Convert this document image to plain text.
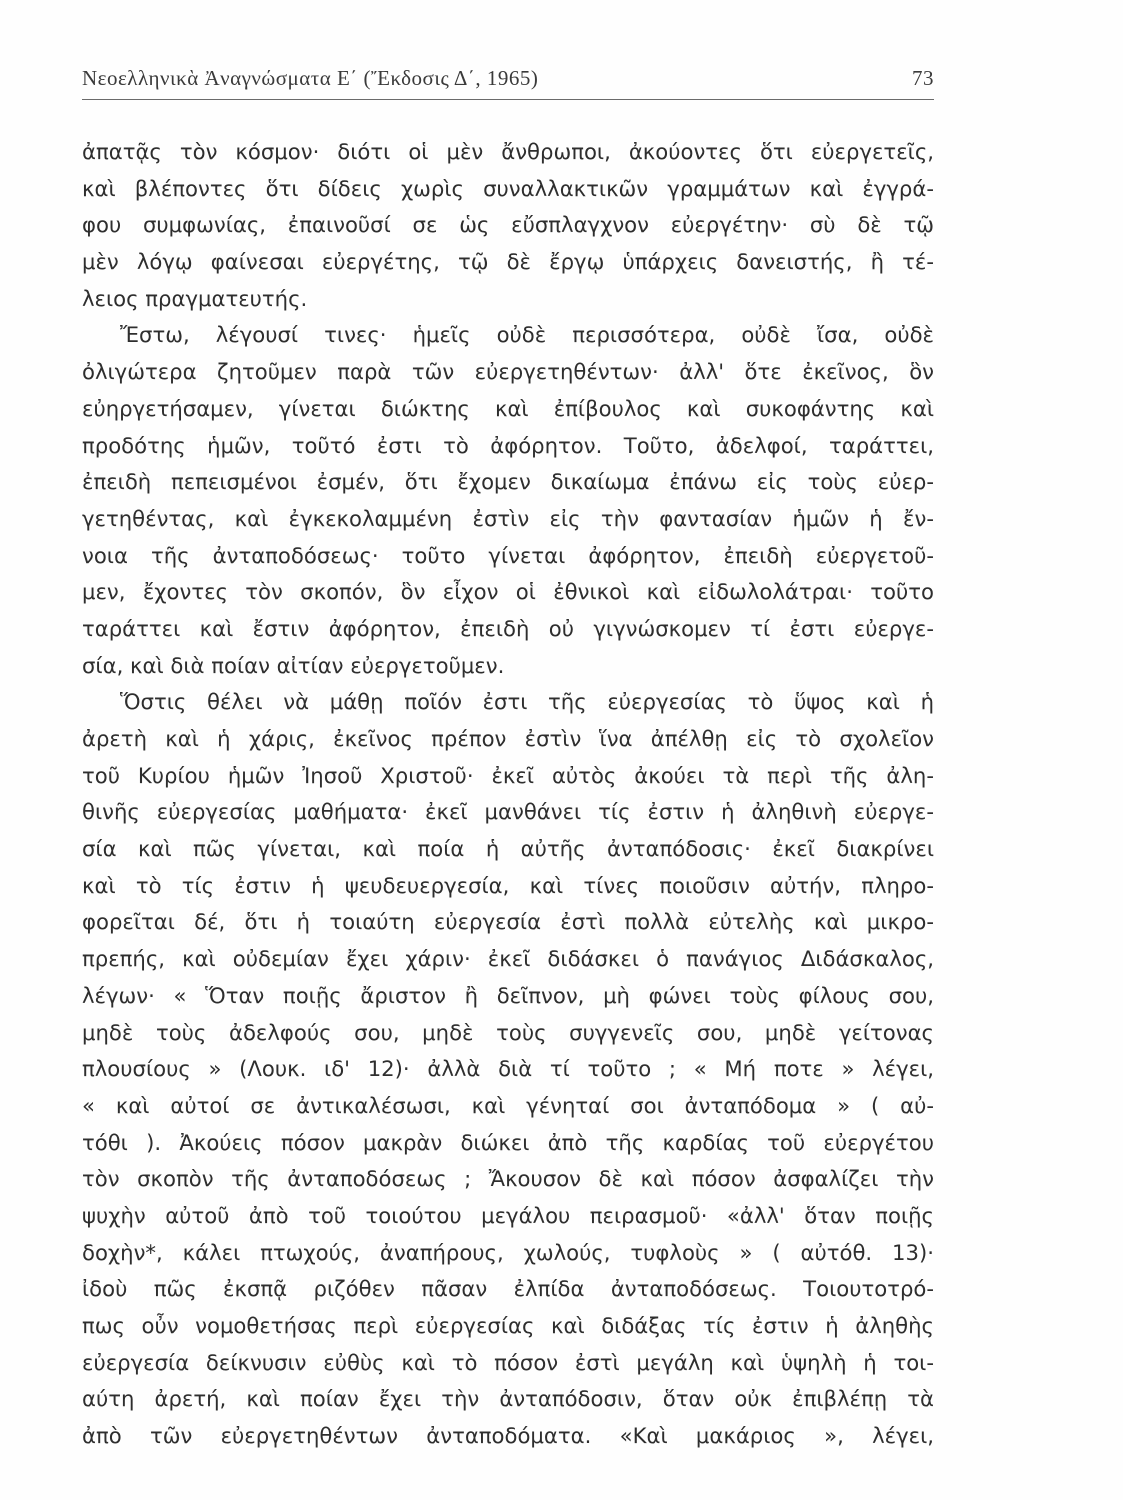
Νεοελληνικὰ Ἀναγνώσματα Ε΄ (Ἔκδοσις Δ΄, 1965)	73
ἀπατᾷς τὸν κόσμον· διότι οἱ μὲν ἄνθρωποι, ἀκούοντες ὅτι εὐεργετεῖς,
καὶ βλέποντες ὅτι δίδεις χωρὶς συναλλακτικῶν γραμμάτων καὶ ἐγγρά-
φου συμφωνίας, ἐπαινοῦσί σε ὡς εὔσπλαγχνον εὐεργέτην· σὺ δὲ τῷ
μὲν λόγῳ φαίνεσαι εὐεργέτης, τῷ δὲ ἔργῳ ὑπάρχεις δανειστής, ἢ τέ-
λειος πραγματευτής.
Ἔστω, λέγουσί τινες· ἡμεῖς οὐδὲ περισσότερα, οὐδὲ ἴσα, οὐδὲ
ὀλιγώτερα ζητοῦμεν παρὰ τῶν εὐεργετηθέντων· ἀλλ' ὅτε ἐκεῖνος, ὃν
εὐηργετήσαμεν, γίνεται διώκτης καὶ ἐπίβουλος καὶ συκοφάντης καὶ
προδότης ἡμῶν, τοῦτό ἐστι τὸ ἀφόρητον. Τοῦτο, ἀδελφοί, ταράττει,
ἐπειδὴ πεπεισμένοι ἐσμέν, ὅτι ἔχομεν δικαίωμα ἐπάνω εἰς τοὺς εὐερ-
γετηθέντας, καὶ ἐγκεκολαμμένη ἐστὶν εἰς τὴν φαντασίαν ἡμῶν ἡ ἔν-
νοια τῆς ἀνταποδόσεως· τοῦτο γίνεται ἀφόρητον, ἐπειδὴ εὐεργετοῦ-
μεν, ἔχοντες τὸν σκοπόν, ὃν εἶχον οἱ ἐθνικοὶ καὶ εἰδωλολάτραι· τοῦτο
ταράττει καὶ ἔστιν ἀφόρητον, ἐπειδὴ οὐ γιγνώσκομεν τί ἐστι εὐεργε-
σία, καὶ διὰ ποίαν αἰτίαν εὐεργετοῦμεν.
Ὅστις θέλει νὰ μάθῃ ποῖόν ἐστι τῆς εὐεργεσίας τὸ ὕψος καὶ ἡ
ἀρετὴ καὶ ἡ χάρις, ἐκεῖνος πρέπον ἐστὶν ἵνα ἀπέλθῃ εἰς τὸ σχολεῖον
τοῦ Κυρίου ἡμῶν Ἰησοῦ Χριστοῦ· ἐκεῖ αὐτὸς ἀκούει τὰ περὶ τῆς ἀλη-
θινῆς εὐεργεσίας μαθήματα· ἐκεῖ μανθάνει τίς ἐστιν ἡ ἀληθινὴ εὐεργε-
σία καὶ πῶς γίνεται, καὶ ποία ἡ αὐτῆς ἀνταπόδοσις· ἐκεῖ διακρίνει
καὶ τὸ τίς ἐστιν ἡ ψευδευεργεσία, καὶ τίνες ποιοῦσιν αὐτήν, πληρο-
φορεῖται δέ, ὅτι ἡ τοιαύτη εὐεργεσία ἐστὶ πολλὰ εὐτελὴς καὶ μικρο-
πρεπής, καὶ οὐδεμίαν ἔχει χάριν· ἐκεῖ διδάσκει ὁ πανάγιος Διδάσκαλος,
λέγων· « Ὅταν ποιῇς ἄριστον ἢ δεῖπνον, μὴ φώνει τοὺς φίλους σου,
μηδὲ τοὺς ἀδελφούς σου, μηδὲ τοὺς συγγενεῖς σου, μηδὲ γείτονας
πλουσίους » (Λουκ. ιδ' 12)· ἀλλὰ διὰ τί τοῦτο ; « Μή ποτε » λέγει,
« καὶ αὐτοί σε ἀντικαλέσωσι, καὶ γένηταί σοι ἀνταπόδομα » ( αὐ-
τόθι ). Ἀκούεις πόσον μακρὰν διώκει ἀπὸ τῆς καρδίας τοῦ εὐεργέτου
τὸν σκοπὸν τῆς ἀνταποδόσεως ; Ἄκουσον δὲ καὶ πόσον ἀσφαλίζει τὴν
ψυχὴν αὐτοῦ ἀπὸ τοῦ τοιούτου μεγάλου πειρασμοῦ· «ἀλλ' ὅταν ποιῇς
δοχὴν*, κάλει πτωχούς, ἀναπήρους, χωλούς, τυφλοὺς » ( αὐτόθ. 13)·
ἰδοὺ πῶς ἐκσπᾷ ριζόθεν πᾶσαν ἐλπίδα ἀνταποδόσεως. Τοιουτοτρό-
πως οὖν νομοθετήσας περὶ εὐεργεσίας καὶ διδάξας τίς ἐστιν ἡ ἀληθὴς
εὐεργεσία δείκνυσιν εὐθὺς καὶ τὸ πόσον ἐστὶ μεγάλη καὶ ὑψηλὴ ἡ τοι-
αύτη ἀρετή, καὶ ποίαν ἔχει τὴν ἀνταπόδοσιν, ὅταν οὐκ ἐπιβλέπῃ τὰ
ἀπὸ τῶν εὐεργετηθέντων ἀνταποδόματα. «Καὶ μακάριος », λέγει,
